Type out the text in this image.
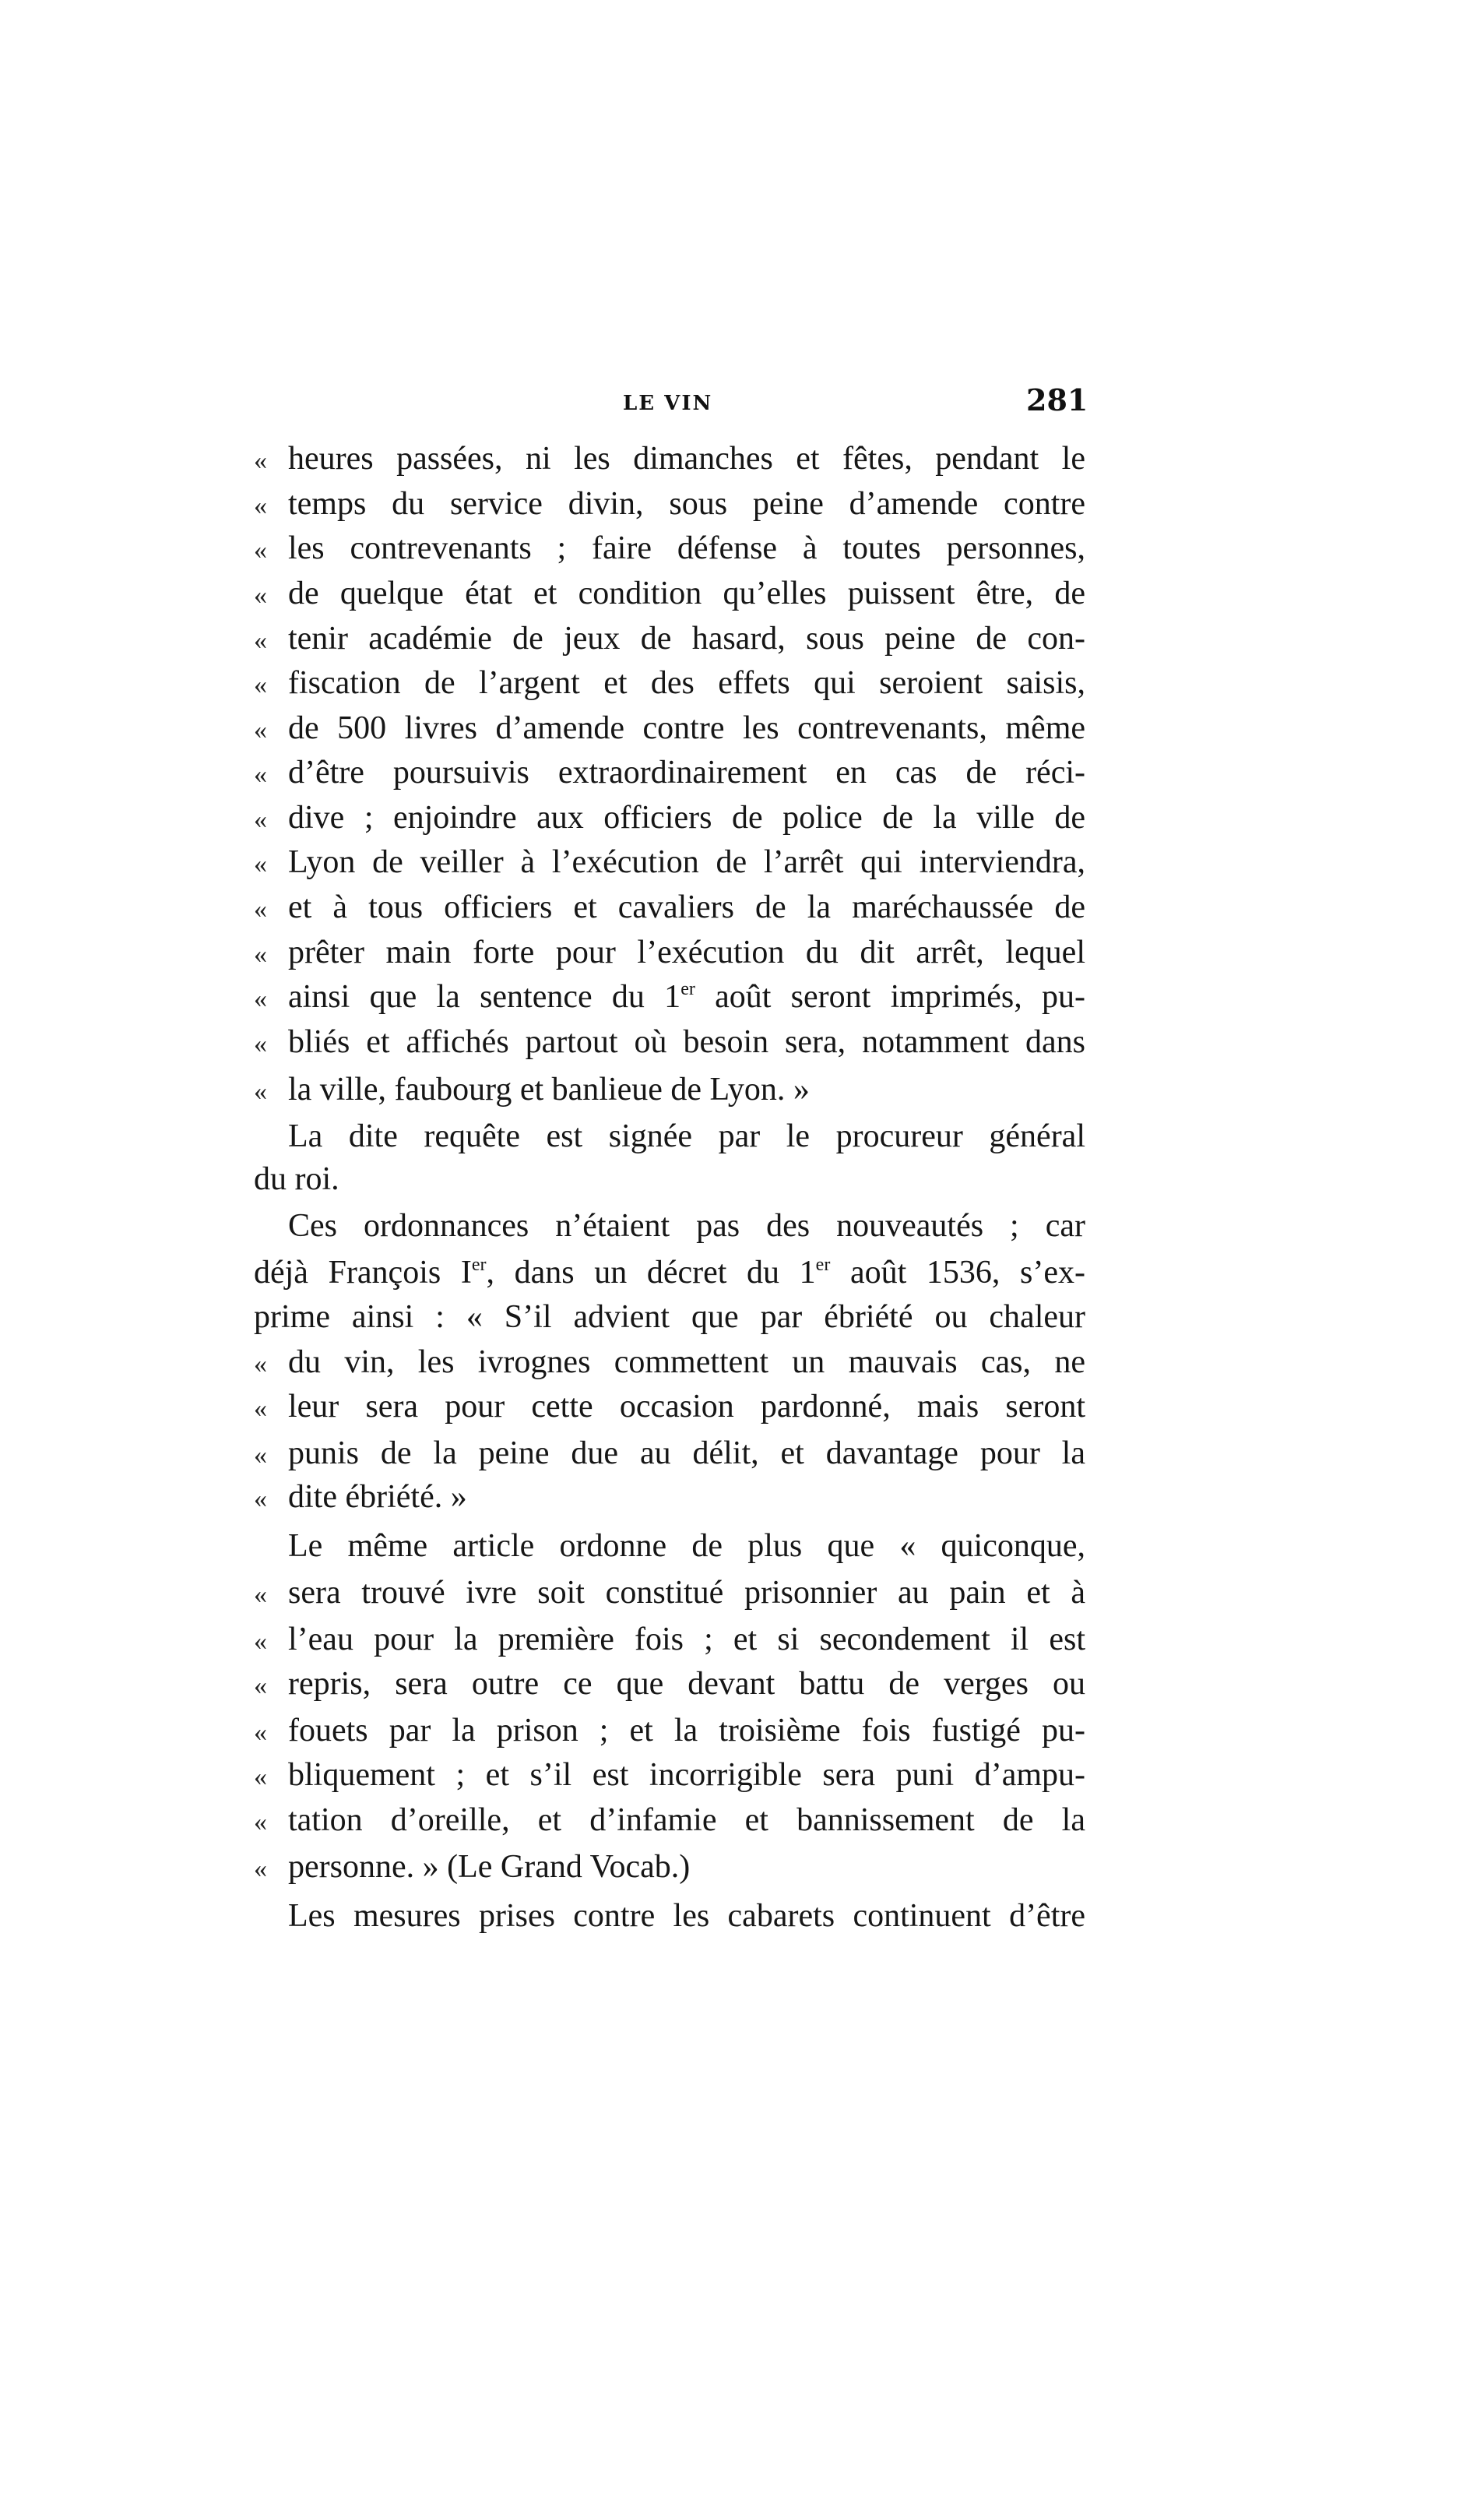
LE VIN	281
« heures passées, ni les dimanches et fêtes, pendant le
« temps du service divin, sous peine d’amende contre
« les contrevenants ; faire défense à toutes personnes,
« de quelque état et condition qu’elles puissent être, de
« tenir académie de jeux de hasard, sous peine de con-
« fiscation de l’argent et des effets qui seroient saisis,
« de 500 livres d’amende contre les contrevenants, même
« d’être poursuivis extraordinairement en cas de réci-
« dive ; enjoindre aux officiers de police de la ville de
« Lyon de veiller à l’exécution de l’arrêt qui interviendra,
« et à tous officiers et cavaliers de la maréchaussée de
« prêter main forte pour l’exécution du dit arrêt, lequel
« ainsi que la sentence du 1er août seront imprimés, pu-
« bliés et affichés partout où besoin sera, notamment dans
« la ville, faubourg et banlieue de Lyon. »
La dite requête est signée par le procureur général
du roi.
Ces ordonnances n’étaient pas des nouveautés ; car
déjà François Ier, dans un décret du 1er août 1536, s’ex-
prime ainsi : « S’il advient que par ébriété ou chaleur
« du vin, les ivrognes commettent un mauvais cas, ne
« leur sera pour cette occasion pardonné, mais seront
« punis de la peine due au délit, et davantage pour la
« dite ébriété. »
Le même article ordonne de plus que « quiconque,
« sera trouvé ivre soit constitué prisonnier au pain et à
« l’eau pour la première fois ; et si secondement il est
« repris, sera outre ce que devant battu de verges ou
« fouets par la prison ; et la troisième fois fustigé pu-
« bliquement ; et s’il est incorrigible sera puni d’ampu-
« tation d’oreille, et d’infamie et bannissement de la
« personne. » (Le Grand Vocab.)
Les mesures prises contre les cabarets continuent d’être
